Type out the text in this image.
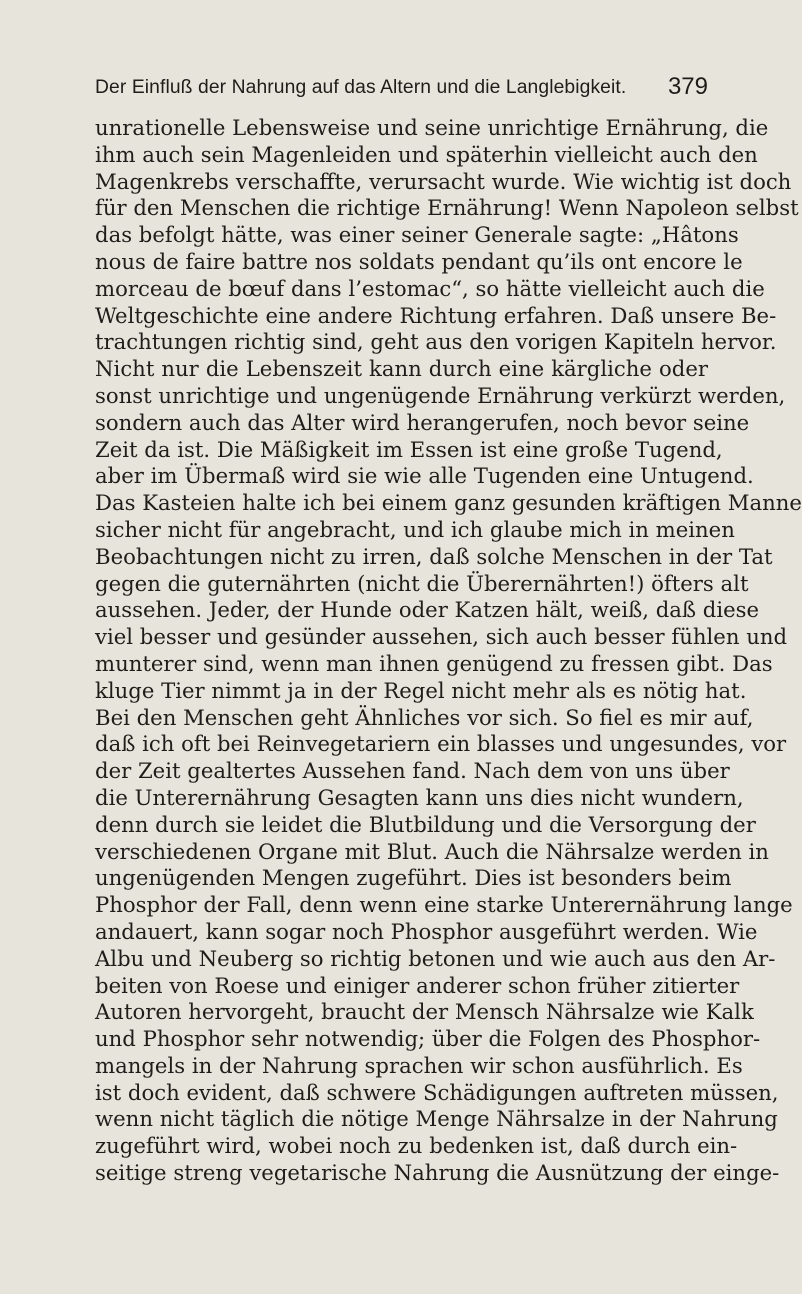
Der Einfluß der Nahrung auf das Altern und die Langlebigkeit. 379
unrationelle Lebensweise und seine unrichtige Ernährung, die
ihm auch sein Magenleiden und späterhin vielleicht auch den
Magenkrebs verschaffte, verursacht wurde. Wie wichtig ist doch
für den Menschen die richtige Ernährung! Wenn Napoleon selbst
das befolgt hätte, was einer seiner Generale sagte: „Hâtons
nous de faire battre nos soldats pendant qu’ils ont encore le
morceau de bœuf dans l’estomac“, so hätte vielleicht auch die
Weltgeschichte eine andere Richtung erfahren. Daß unsere Be-
trachtungen richtig sind, geht aus den vorigen Kapiteln hervor.
Nicht nur die Lebenszeit kann durch eine kärgliche oder
sonst unrichtige und ungenügende Ernährung verkürzt werden,
sondern auch das Alter wird herangerufen, noch bevor seine
Zeit da ist. Die Mäßigkeit im Essen ist eine große Tugend,
aber im Übermaß wird sie wie alle Tugenden eine Untugend.
Das Kasteien halte ich bei einem ganz gesunden kräftigen Manne
sicher nicht für angebracht, und ich glaube mich in meinen
Beobachtungen nicht zu irren, daß solche Menschen in der Tat
gegen die guternährten (nicht die Überernährten!) öfters alt
aussehen. Jeder, der Hunde oder Katzen hält, weiß, daß diese
viel besser und gesünder aussehen, sich auch besser fühlen und
munterer sind, wenn man ihnen genügend zu fressen gibt. Das
kluge Tier nimmt ja in der Regel nicht mehr als es nötig hat.
Bei den Menschen geht Ähnliches vor sich. So fiel es mir auf,
daß ich oft bei Reinvegetariern ein blasses und ungesundes, vor
der Zeit gealtertes Aussehen fand. Nach dem von uns über
die Unterernährung Gesagten kann uns dies nicht wundern,
denn durch sie leidet die Blutbildung und die Versorgung der
verschiedenen Organe mit Blut. Auch die Nährsalze werden in
ungenügenden Mengen zugeführt. Dies ist besonders beim
Phosphor der Fall, denn wenn eine starke Unterernährung lange
andauert, kann sogar noch Phosphor ausgeführt werden. Wie
Albu und Neuberg so richtig betonen und wie auch aus den Ar-
beiten von Roese und einiger anderer schon früher zitierter
Autoren hervorgeht, braucht der Mensch Nährsalze wie Kalk
und Phosphor sehr notwendig; über die Folgen des Phosphor-
mangels in der Nahrung sprachen wir schon ausführlich. Es
ist doch evident, daß schwere Schädigungen auftreten müssen,
wenn nicht täglich die nötige Menge Nährsalze in der Nahrung
zugeführt wird, wobei noch zu bedenken ist, daß durch ein-
seitige streng vegetarische Nahrung die Ausnützung der einge-
